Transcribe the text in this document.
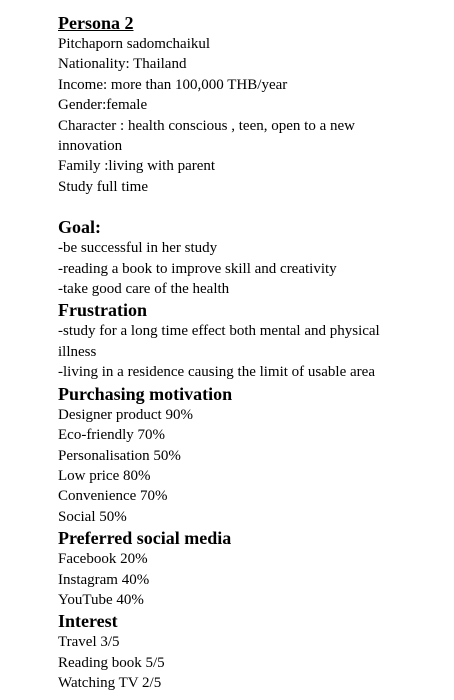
Persona 2

Pitchaporn sadomchaikul

Nationality: Thailand

Income: more than 100,000 THB/year

Gender:female

Character : health conscious , teen, open to a new

innovation

Family :living with parent

Study full time

Goal:

-be successful in her study

-reading a book to improve skill and creativity

-take good care of the health

Frustration

-study for a long time effect both mental and physical

illness

-living in a residence causing the limit of usable area

Purchasing motivation

Designer product 90%

Eco-friendly 70%

Personalisation 50%

Low price 80%

Convenience 70%

Social 50%

Preferred social media

Facebook 20%

Instagram 40%

YouTube 40%

Interest

Travel 3/5

Reading book 5/5

Watching TV 2/5
